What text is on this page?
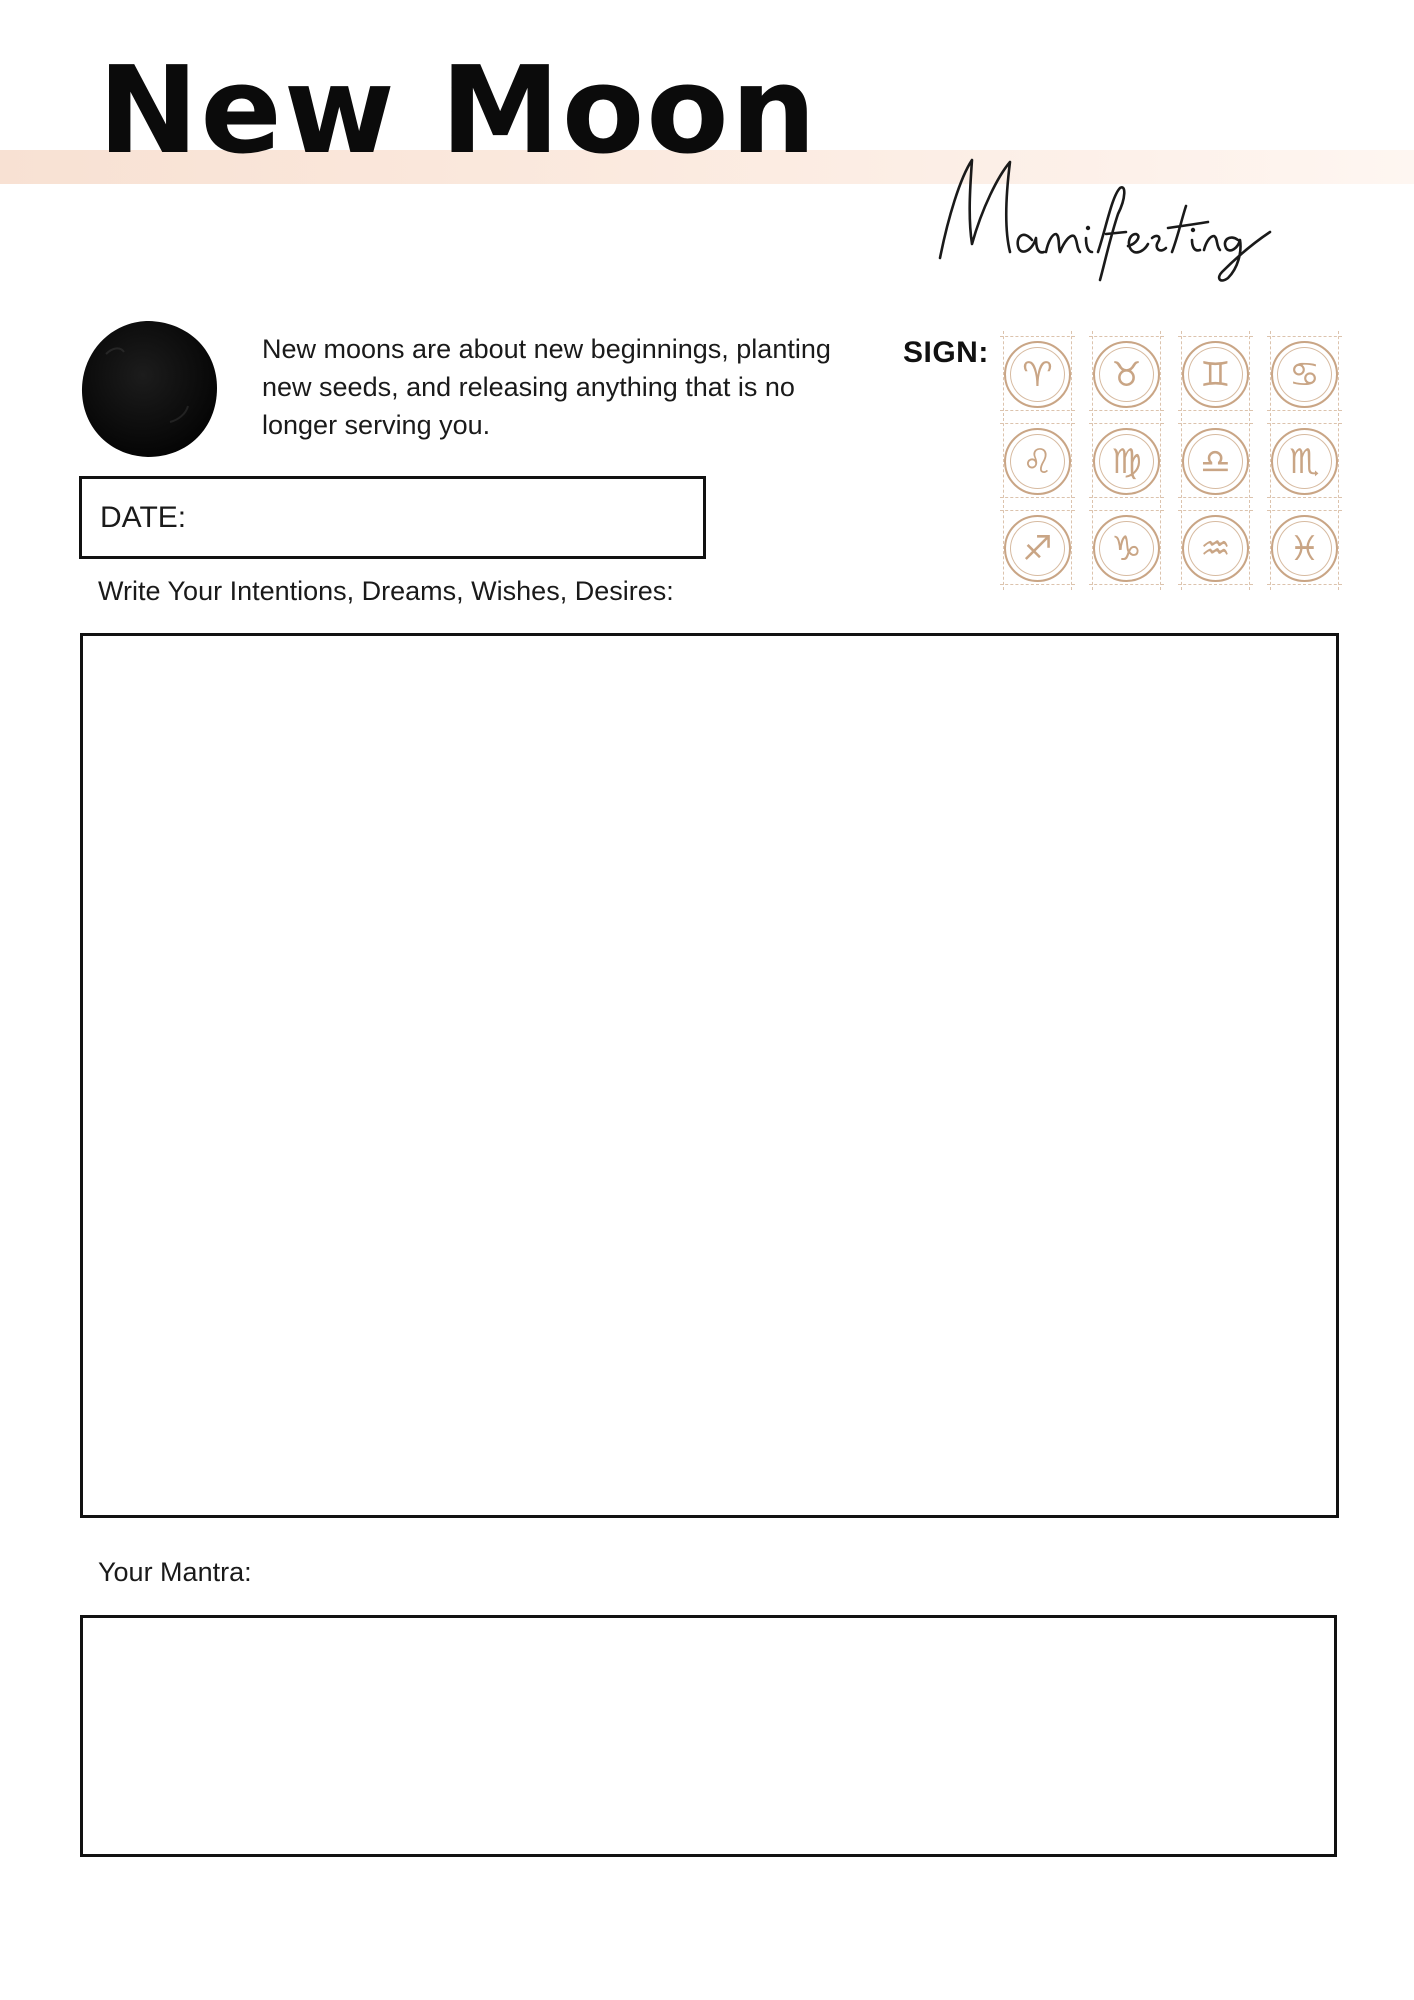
New Moon

New moons are about new beginnings, planting new seeds, and releasing anything that is no longer serving you.

SIGN:
♈ ♉ ♊ ♋
♌ ♍ ♎ ♏
♐ ♑ ♒ ♓
DATE:
Write Your Intentions, Dreams, Wishes, Desires:
Your Mantra:
